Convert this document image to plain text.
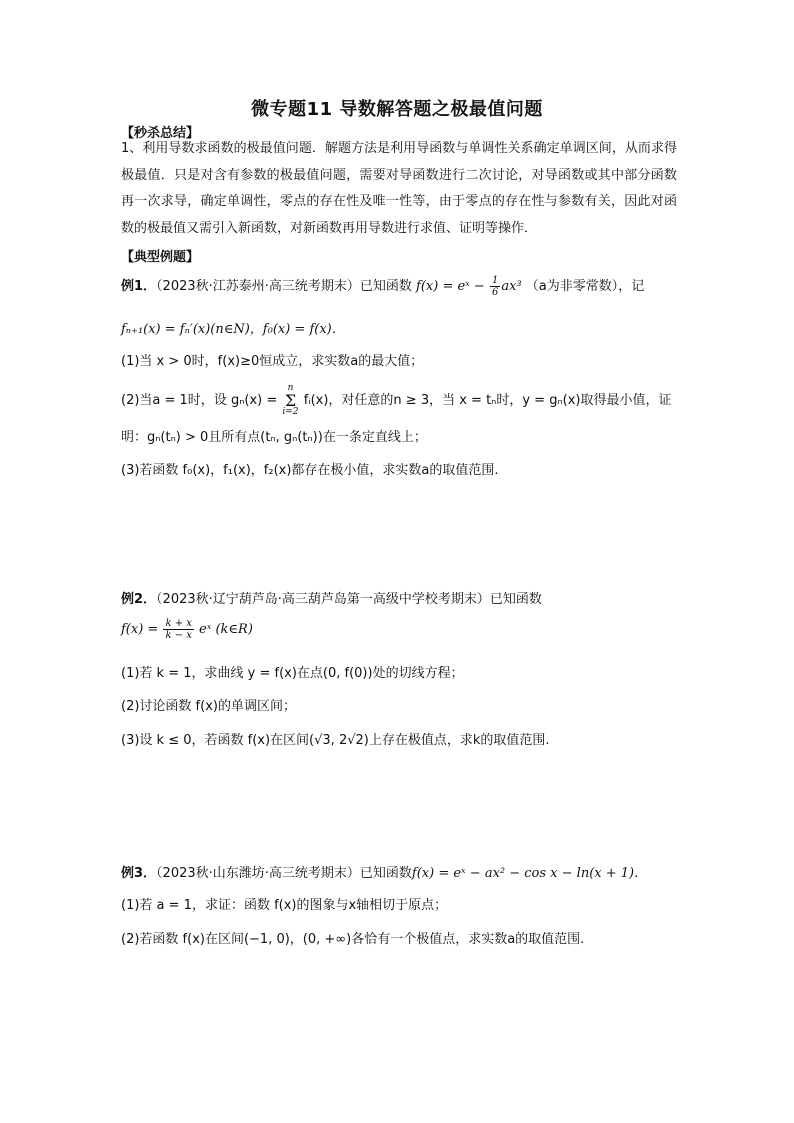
微专题11 导数解答题之极最值问题
【秒杀总结】
1、利用导数求函数的极最值问题．解题方法是利用导函数与单调性关系确定单调区间，从而求得极最值．只是对含有参数的极最值问题，需要对导函数进行二次讨论，对导函数或其中部分函数再一次求导，确定单调性，零点的存在性及唯一性等，由于零点的存在性与参数有关，因此对函数的极最值又需引入新函数，对新函数再用导数进行求值、证明等操作．
【典型例题】
例1．（2023秋·江苏泰州·高三统考期末）已知函数 f(x) = eˣ − $\frac{1}{6} ax^3$ （a为非零常数），记
fₙ₊₁(x) = fₙ′(x)(n∈N)，f₀(x) = f(x)．
(1)当 x > 0时，f(x)≥0恒成立，求实数a的最大值；
(2)当a = 1时，设 gₙ(x) = n
Σ
i=2 fᵢ(x)，对任意的n ≥ 3，当 x = tₙ时，y = gₙ(x)取得最小值，证
明：gₙ(tₙ) > 0且所有点(tₙ, gₙ(tₙ))在一条定直线上；
(3)若函数 f₀(x)，f₁(x)，f₂(x)都存在极小值，求实数a的取值范围.
例2．（2023秋·辽宁葫芦岛·高三葫芦岛第一高级中学校考期末）已知函数
$f(x) = \frac{k + x}{k - x}$ eˣ (k∈R)
(1)若 k = 1，求曲线 y = f(x)在点(0, f(0))处的切线方程；
(2)讨论函数 f(x)的单调区间；
(3)设 k ≤ 0，若函数 f(x)在区间(√3, 2√2)上存在极值点，求k的取值范围.
例3．（2023秋·山东潍坊·高三统考期末）已知函数f(x) = eˣ − ax² − cos x − ln(x + 1)．
(1)若 a = 1，求证：函数 f(x)的图象与x轴相切于原点；
(2)若函数 f(x)在区间(−1, 0)，(0, +∞)各恰有一个极值点，求实数a的取值范围.
